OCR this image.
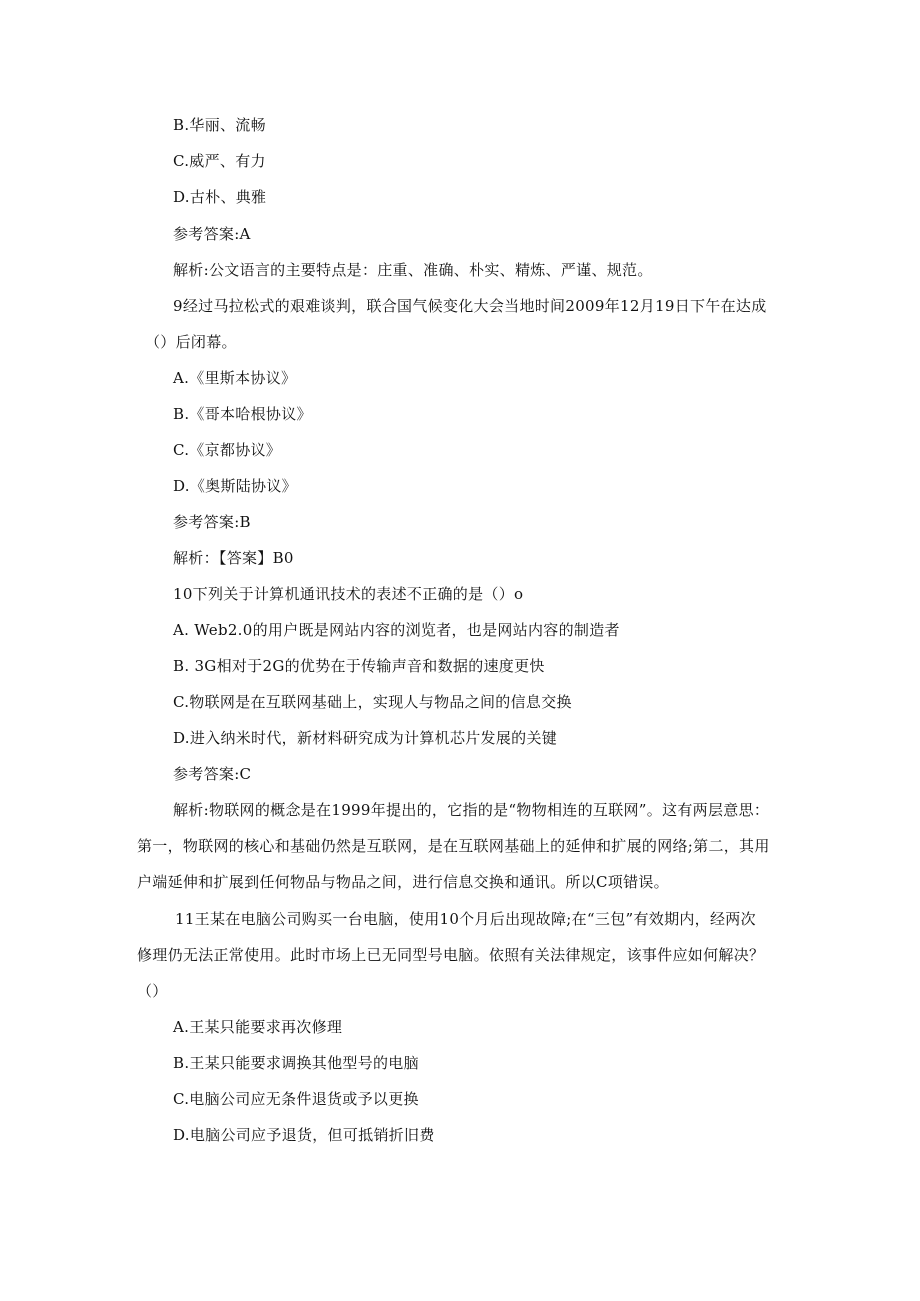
B.华丽、流畅
C.威严、有力
D.古朴、典雅
参考答案:A
解析:公文语言的主要特点是：庄重、准确、朴实、精炼、严谨、规范。
9经过马拉松式的艰难谈判，联合国气候变化大会当地时间2009年12月19日下午在达成
（）后闭幕。
A.《里斯本协议》
B.《哥本哈根协议》
C.《京都协议》
D.《奥斯陆协议》
参考答案:B
解析：【答案】B0
10下列关于计算机通讯技术的表述不正确的是（）o
A. Web2.0的用户既是网站内容的浏览者，也是网站内容的制造者
B. 3G相对于2G的优势在于传输声音和数据的速度更快
C.物联网是在互联网基础上，实现人与物品之间的信息交换
D.进入纳米时代，新材料研究成为计算机芯片发展的关键
参考答案:C
解析:物联网的概念是在1999年提出的，它指的是“物物相连的互联网”。这有两层意思：
第一，物联网的核心和基础仍然是互联网，是在互联网基础上的延伸和扩展的网络;第二，其用
户端延伸和扩展到任何物品与物品之间，进行信息交换和通讯。所以C项错误。
11王某在电脑公司购买一台电脑，使用10个月后出现故障;在“三包”有效期内，经两次
修理仍无法正常使用。此时市场上已无同型号电脑。依照有关法律规定，该事件应如何解决？
（）
A.王某只能要求再次修理
B.王某只能要求调换其他型号的电脑
C.电脑公司应无条件退货或予以更换
D.电脑公司应予退货，但可抵销折旧费
